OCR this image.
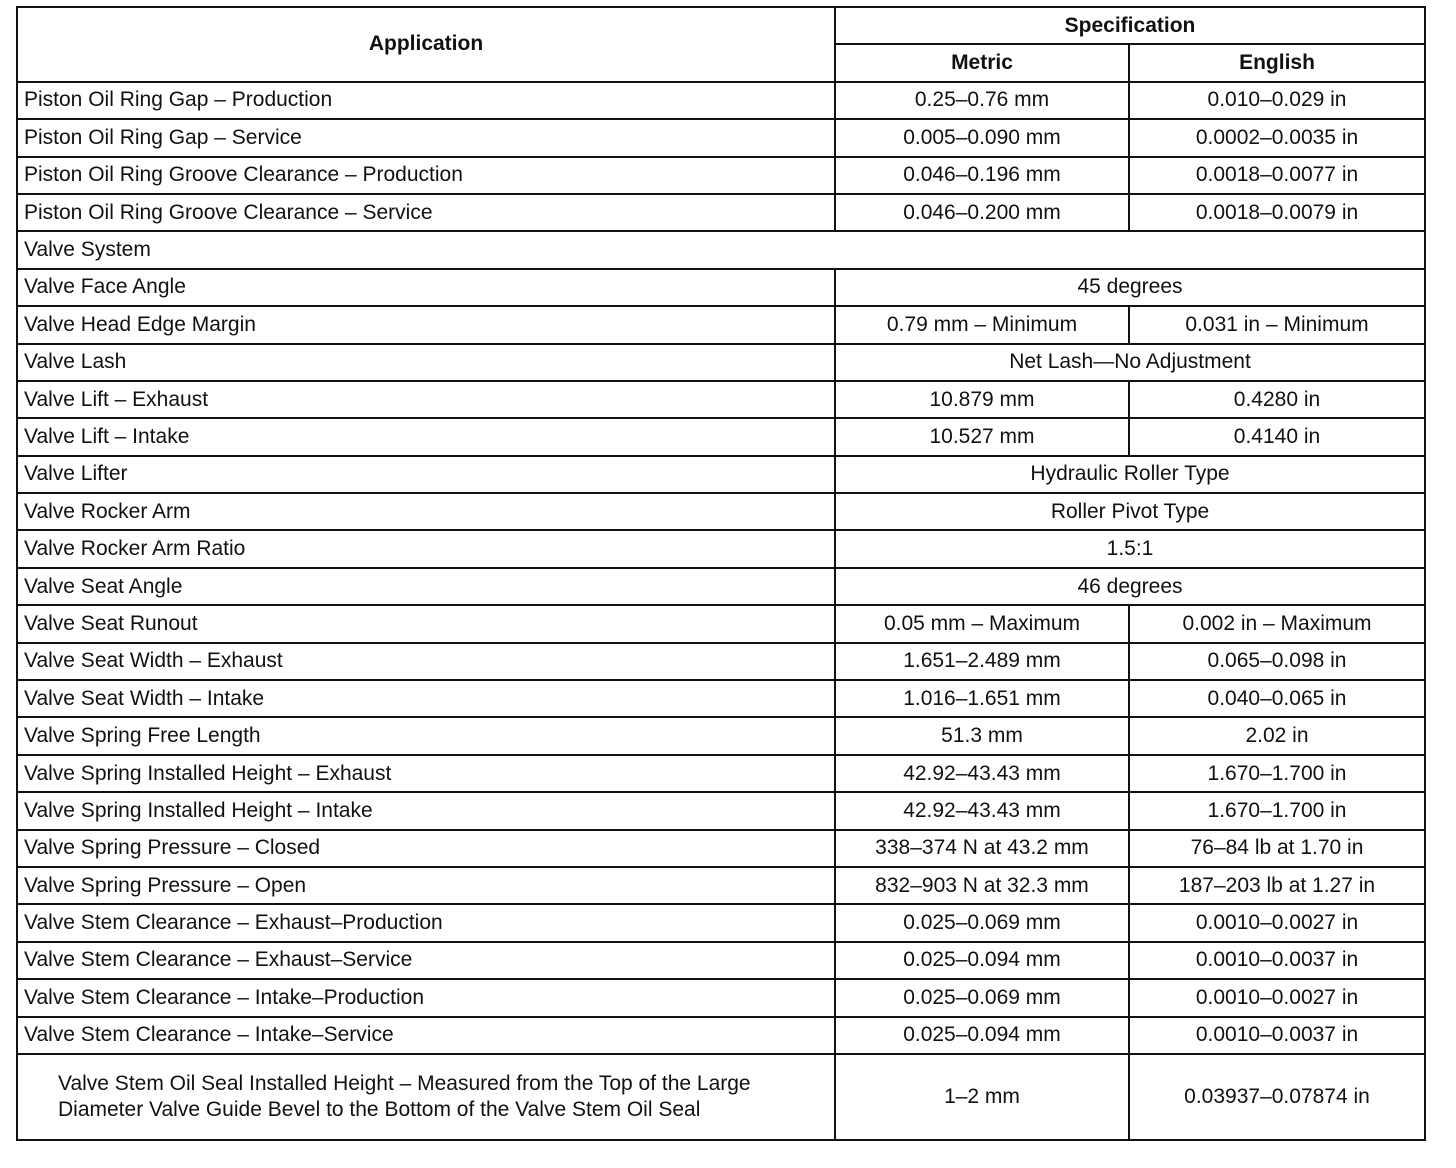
Application	Specification	
	Metric	English
Piston Oil Ring Gap – Production	0.25–0.76 mm	0.010–0.029 in
Piston Oil Ring Gap – Service	0.005–0.090 mm	0.0002–0.0035 in
Piston Oil Ring Groove Clearance – Production	0.046–0.196 mm	0.0018–0.0077 in
Piston Oil Ring Groove Clearance – Service	0.046–0.200 mm	0.0018–0.0079 in
Valve System		
Valve Face Angle	45 degrees	
Valve Head Edge Margin	0.79 mm – Minimum	0.031 in – Minimum
Valve Lash	Net Lash—No Adjustment	
Valve Lift – Exhaust	10.879 mm	0.4280 in
Valve Lift – Intake	10.527 mm	0.4140 in
Valve Lifter	Hydraulic Roller Type	
Valve Rocker Arm	Roller Pivot Type	
Valve Rocker Arm Ratio	1.5:1	
Valve Seat Angle	46 degrees	
Valve Seat Runout	0.05 mm – Maximum	0.002 in – Maximum
Valve Seat Width – Exhaust	1.651–2.489 mm	0.065–0.098 in
Valve Seat Width – Intake	1.016–1.651 mm	0.040–0.065 in
Valve Spring Free Length	51.3 mm	2.02 in
Valve Spring Installed Height – Exhaust	42.92–43.43 mm	1.670–1.700 in
Valve Spring Installed Height – Intake	42.92–43.43 mm	1.670–1.700 in
Valve Spring Pressure – Closed	338–374 N at 43.2 mm	76–84 lb at 1.70 in
Valve Spring Pressure – Open	832–903 N at 32.3 mm	187–203 lb at 1.27 in
Valve Stem Clearance – Exhaust–Production	0.025–0.069 mm	0.0010–0.0027 in
Valve Stem Clearance – Exhaust–Service	0.025–0.094 mm	0.0010–0.0037 in
Valve Stem Clearance – Intake–Production	0.025–0.069 mm	0.0010–0.0027 in
Valve Stem Clearance – Intake–Service	0.025–0.094 mm	0.0010–0.0037 in
Valve Stem Oil Seal Installed Height – Measured from the Top of the Large Diameter Valve Guide Bevel to the Bottom of the Valve Stem Oil Seal	1–2 mm	0.03937–0.07874 in
